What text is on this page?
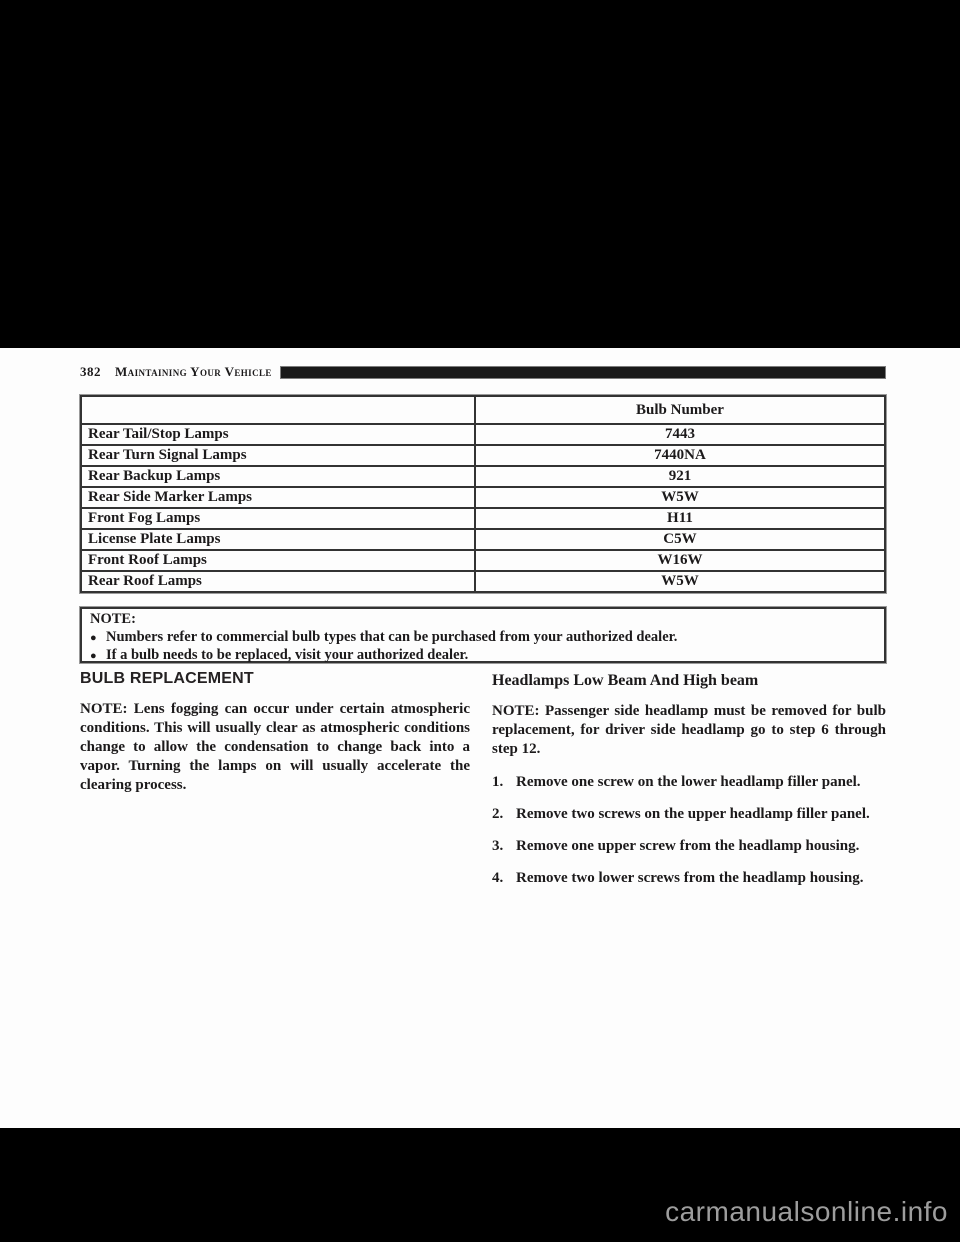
382 Maintaining Your Vehicle
	Bulb Number
Rear Tail/Stop Lamps	7443
Rear Turn Signal Lamps	7440NA
Rear Backup Lamps	921
Rear Side Marker Lamps	W5W
Front Fog Lamps	H11
License Plate Lamps	C5W
Front Roof Lamps	W16W
Rear Roof Lamps	W5W
NOTE:
● Numbers refer to commercial bulb types that can be purchased from your authorized dealer.
● If a bulb needs to be replaced, visit your authorized dealer.
BULB REPLACEMENT

NOTE: Lens fogging can occur under certain atmospheric conditions. This will usually clear as atmospheric conditions change to allow the condensation to change back into a vapor. Turning the lamps on will usually accelerate the clearing process.

Headlamps Low Beam And High beam

NOTE: Passenger side headlamp must be removed for bulb replacement, for driver side headlamp go to step 6 through step 12.

1. Remove one screw on the lower headlamp filler panel.
2. Remove two screws on the upper headlamp filler panel.
3. Remove one upper screw from the headlamp housing.
4. Remove two lower screws from the headlamp housing.
carmanualsonline.info
